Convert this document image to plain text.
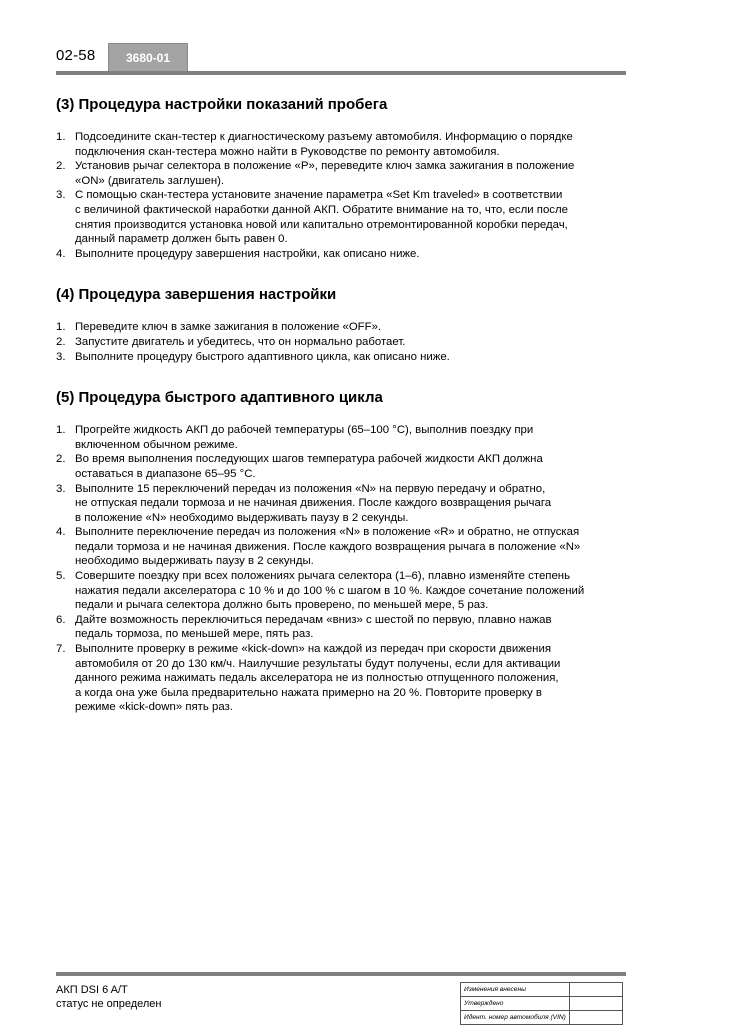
02-58	3680-01
(3) Процедура настройки показаний пробега
1. Подсоедините скан-тестер к диагностическому разъему автомобиля. Информацию о порядке
подключения скан-тестера можно найти в Руководстве по ремонту автомобиля.
2. Установив рычаг селектора в положение «P», переведите ключ замка зажигания в положение
«ON» (двигатель заглушен).
3. С помощью скан-тестера установите значение параметра «Set Km traveled» в соответствии
с величиной фактической наработки данной АКП. Обратите внимание на то, что, если после
снятия производится установка новой или капитально отремонтированной коробки передач,
данный параметр должен быть равен 0.
4. Выполните процедуру завершения настройки, как описано ниже.
(4) Процедура завершения настройки
1. Переведите ключ в замке зажигания в положение «OFF».
2. Запустите двигатель и убедитесь, что он нормально работает.
3. Выполните процедуру быстрого адаптивного цикла, как описано ниже.
(5) Процедура быстрого адаптивного цикла
1. Прогрейте жидкость АКП до рабочей температуры (65–100 °C), выполнив поездку при
включенном обычном режиме.
2. Во время выполнения последующих шагов температура рабочей жидкости АКП должна
оставаться в диапазоне 65–95 °C.
3. Выполните 15 переключений передач из положения «N» на первую передачу и обратно,
не отпуская педали тормоза и не начиная движения. После каждого возвращения рычага
в положение «N» необходимо выдерживать паузу в 2 секунды.
4. Выполните переключение передач из положения «N» в положение «R» и обратно, не отпуская
педали тормоза и не начиная движения. После каждого возвращения рычага в положение «N»
необходимо выдерживать паузу в 2 секунды.
5. Совершите поездку при всех положениях рычага селектора (1–6), плавно изменяйте степень
нажатия педали акселератора с 10 % и до 100 % с шагом в 10 %. Каждое сочетание положений
педали и рычага селектора должно быть проверено, по меньшей мере, 5 раз.
6. Дайте возможность переключиться передачам «вниз» с шестой по первую, плавно нажав
педаль тормоза, по меньшей мере, пять раз.
7. Выполните проверку в режиме «kick-down» на каждой из передач при скорости движения
автомобиля от 20 до 130 км/ч. Наилучшие результаты будут получены, если для активации
данного режима нажимать педаль акселератора не из полностью отпущенного положения,
а когда она уже была предварительно нажата примерно на 20 %. Повторите проверку в
режиме «kick-down» пять раз.
АКП DSI 6 A/T
статус не определен
Изменения внесены	
Утверждено	
Идент. номер автомобиля (VIN)	
